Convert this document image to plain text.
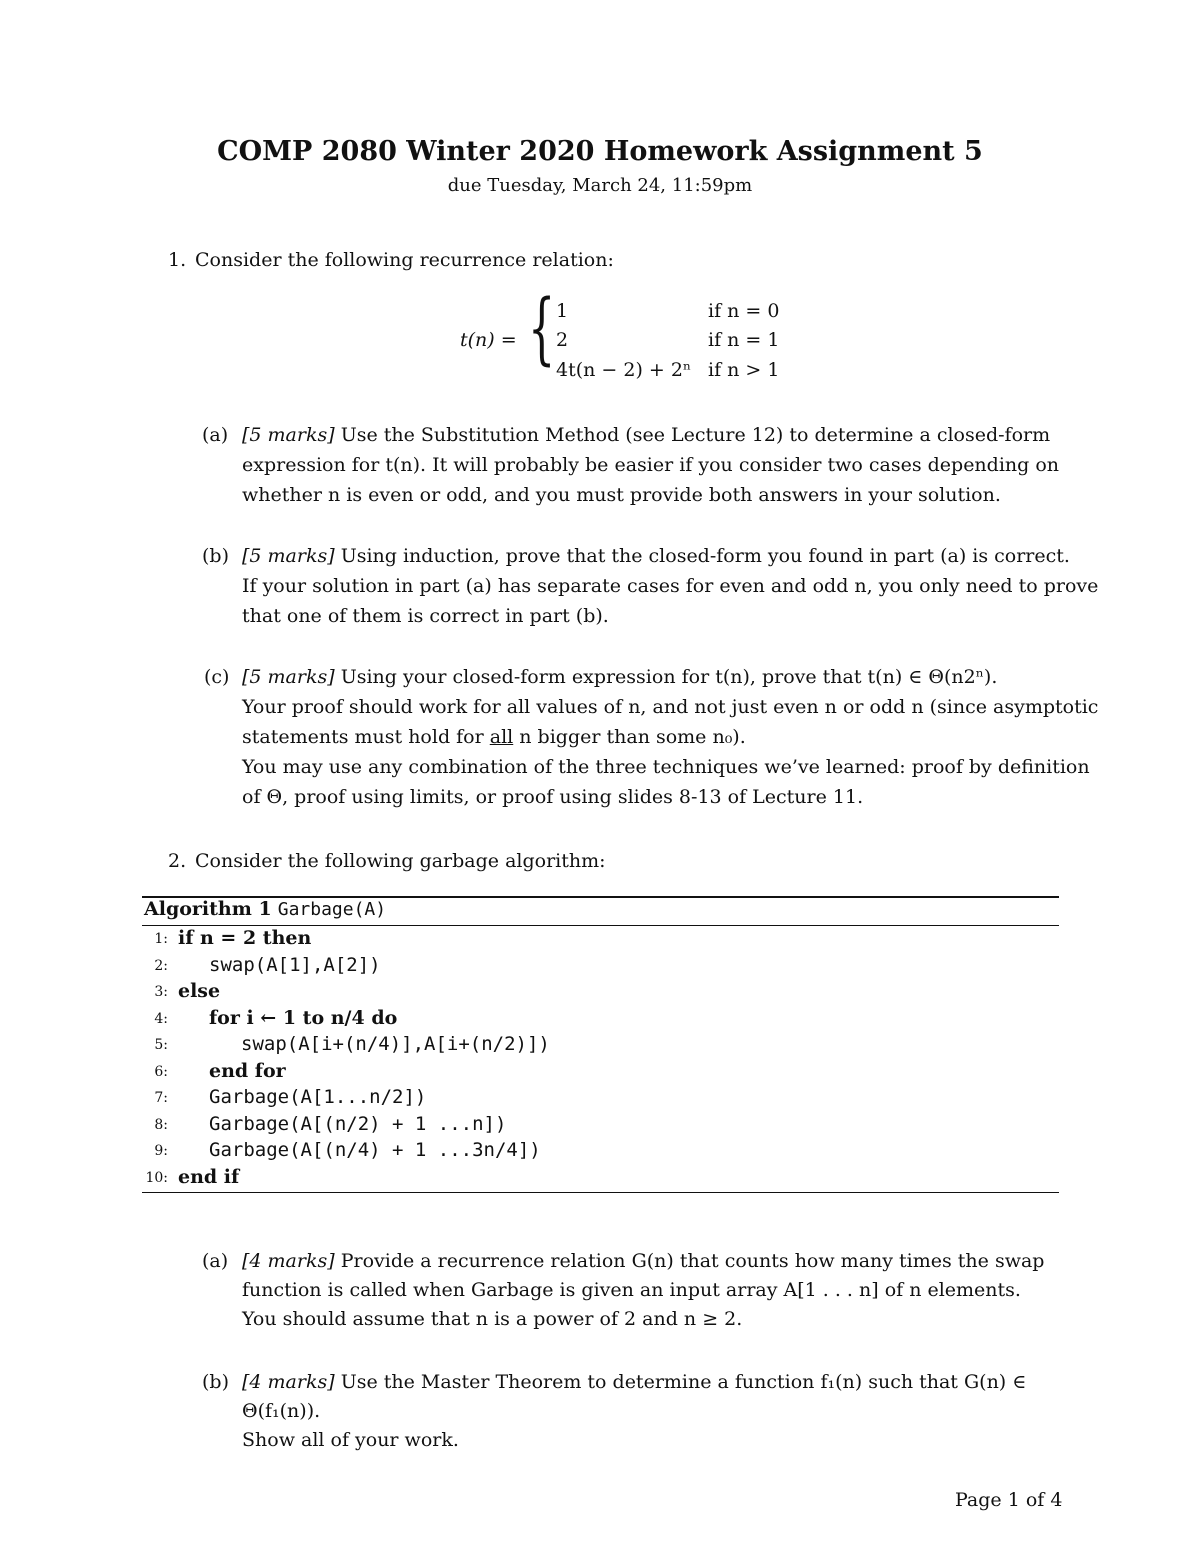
COMP 2080 Winter 2020 Homework Assignment 5
due Tuesday, March 24, 11:59pm
1. Consider the following recurrence relation:
t(n) = { 1	if n = 0
2	if n = 1
4t(n − 2) + 2ⁿ if n > 1
(a) [5 marks] Use the Substitution Method (see Lecture 12) to determine a closed-form
expression for t(n). It will probably be easier if you consider two cases depending on
whether n is even or odd, and you must provide both answers in your solution.
(b) [5 marks] Using induction, prove that the closed-form you found in part (a) is correct.
If your solution in part (a) has separate cases for even and odd n, you only need to prove
that one of them is correct in part (b).
(c) [5 marks] Using your closed-form expression for t(n), prove that t(n) ∈ Θ(n2ⁿ).
Your proof should work for all values of n, and not just even n or odd n (since asymptotic
statements must hold for all n bigger than some n₀).
You may use any combination of the three techniques we’ve learned: proof by definition
of Θ, proof using limits, or proof using slides 8-13 of Lecture 11.
2. Consider the following garbage algorithm:
Algorithm 1 Garbage(A)
1: if n = 2 then
2: swap(A[1],A[2])
3: else
4: for i ← 1 to n/4 do
5:	swap(A[i+(n/4)],A[i+(n/2)])
6: end for
7: Garbage(A[1...n/2])
8: Garbage(A[(n/2) + 1 ...n])
9: Garbage(A[(n/4) + 1 ...3n/4])
10: end if
(a) [4 marks] Provide a recurrence relation G(n) that counts how many times the swap
function is called when Garbage is given an input array A[1 . . . n] of n elements.
You should assume that n is a power of 2 and n ≥ 2.
(b) [4 marks] Use the Master Theorem to determine a function f₁(n) such that G(n) ∈
Θ(f₁(n)).
Show all of your work.
Page 1 of 4
